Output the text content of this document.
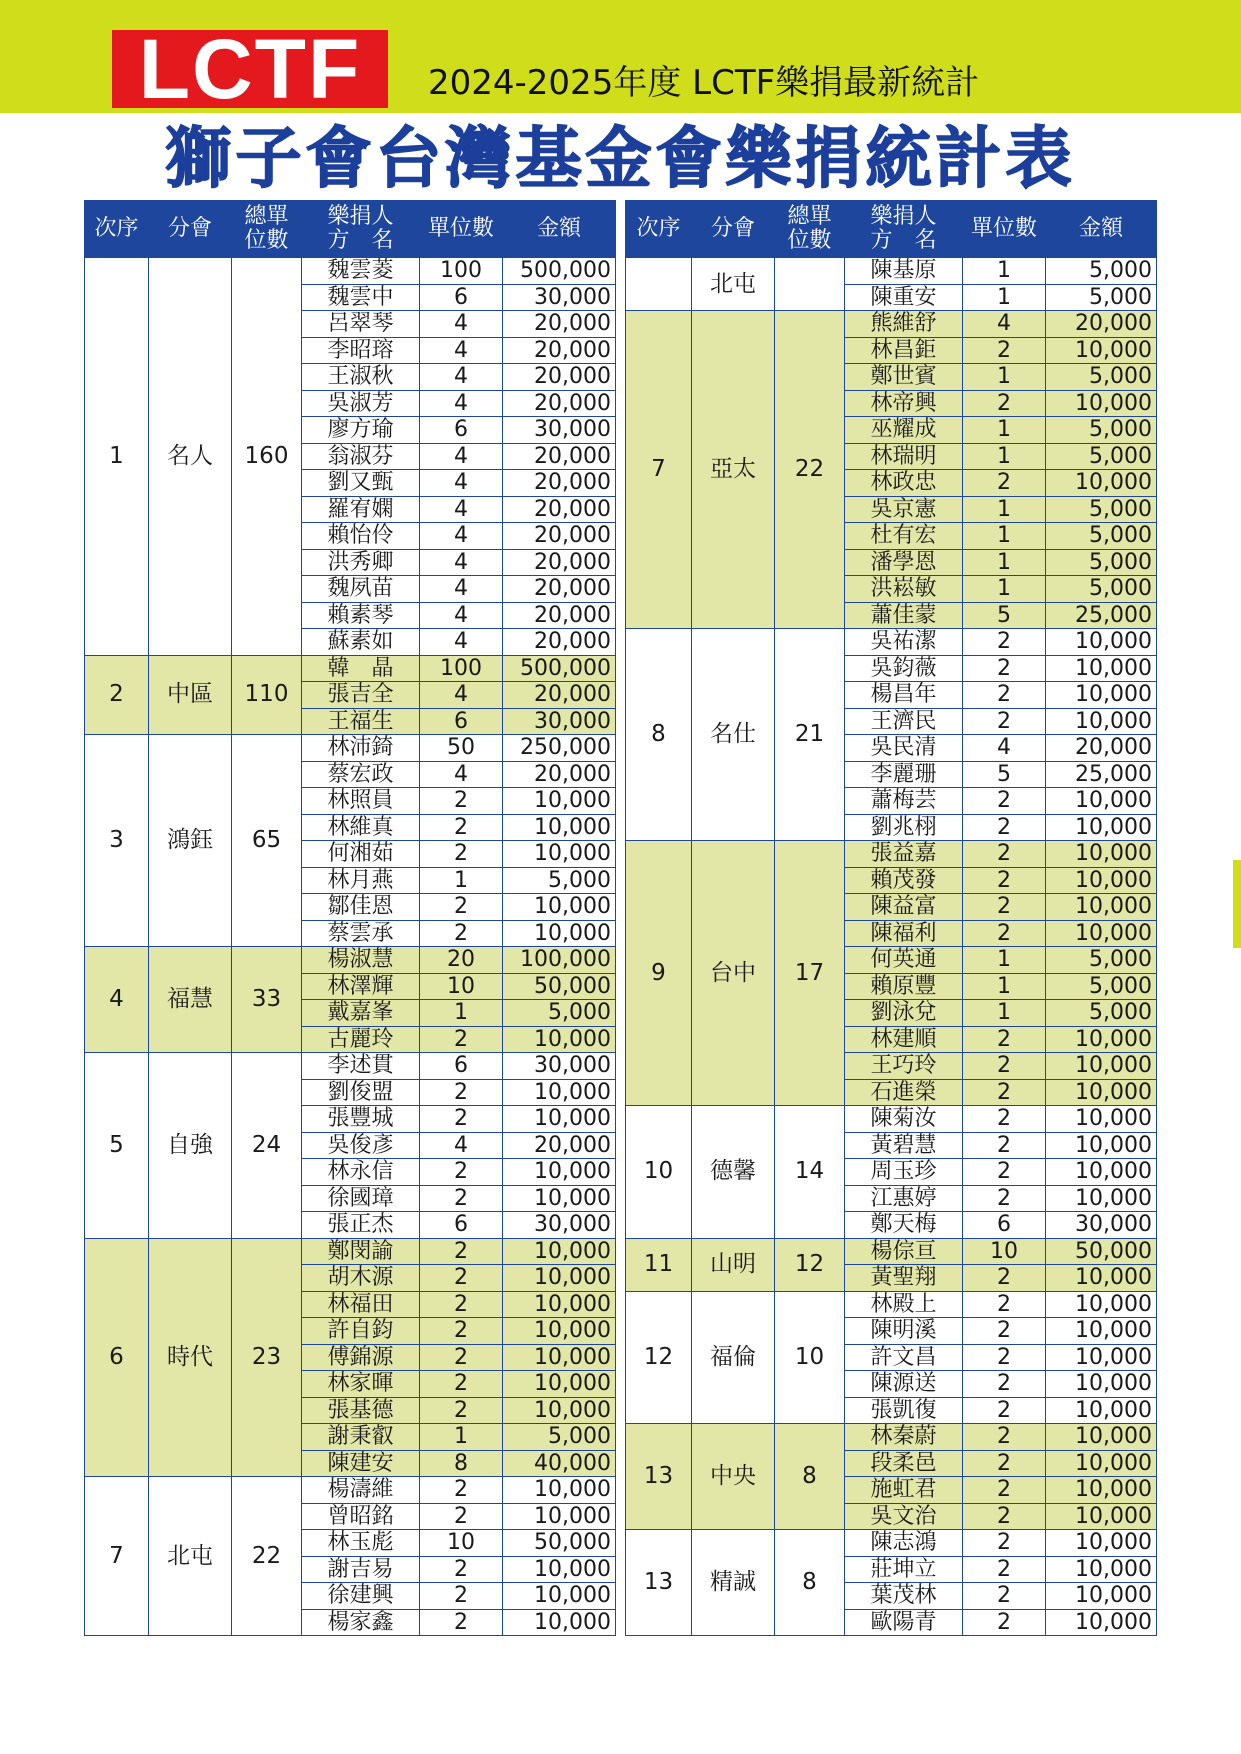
LCTF	2024-2025年度 LCTF樂捐最新統計
獅子會台灣基金會樂捐統計表
次序	分會	總單
位數	樂捐人
方　名	單位數	金額

1	名人	160	魏雲菱	100	500,000
			魏雲中	6	30,000
			呂翠琴	4	20,000
			李昭瑢	4	20,000
			王淑秋	4	20,000
			吳淑芳	4	20,000
			廖方瑜	6	30,000
			翁淑芬	4	20,000
			劉又甄	4	20,000
			羅宥嫻	4	20,000
			賴怡伶	4	20,000
			洪秀卿	4	20,000
			魏夙苗	4	20,000
			賴素琴	4	20,000
			蘇素如	4	20,000
2	中區	110	韓　晶	100	500,000
			張吉全	4	20,000
			王福生	6	30,000
3	鴻鈺	65	林沛錡	50	250,000
			蔡宏政	4	20,000
			林照員	2	10,000
			林維真	2	10,000
			何湘茹	2	10,000
			林月燕	1	5,000
			鄒佳恩	2	10,000
			蔡雲承	2	10,000
4	福慧	33	楊淑慧	20	100,000
			林澤輝	10	50,000
			戴嘉峯	1	5,000
			古麗玲	2	10,000
5	自強	24	李述貫	6	30,000
			劉俊盟	2	10,000
			張豐城	2	10,000
			吳俊彥	4	20,000
			林永信	2	10,000
			徐國璋	2	10,000
			張正杰	6	30,000
6	時代	23	鄭閔諭	2	10,000
			胡木源	2	10,000
			林福田	2	10,000
			許自鈞	2	10,000
			傅錦源	2	10,000
			林家暉	2	10,000
			張基德	2	10,000
			謝秉叡	1	5,000
			陳建安	8	40,000
7	北屯	22	楊濤維	2	10,000
			曾昭銘	2	10,000
			林玉彪	10	50,000
			謝吉易	2	10,000
			徐建興	2	10,000
			楊家鑫	2	10,000
次序	分會	總單
位數	樂捐人
方　名	單位數	金額

	北屯		陳基原	1	5,000
			陳重安	1	5,000
7	亞太	22	熊維舒	4	20,000
			林昌鉅	2	10,000
			鄭世賓	1	5,000
			林帝興	2	10,000
			巫耀成	1	5,000
			林瑞明	1	5,000
			林政忠	2	10,000
			吳京憲	1	5,000
			杜有宏	1	5,000
			潘學恩	1	5,000
			洪崧敏	1	5,000
			蕭佳蒙	5	25,000
8	名仕	21	吳祐潔	2	10,000
			吳鈞薇	2	10,000
			楊昌年	2	10,000
			王濟民	2	10,000
			吳民清	4	20,000
			李麗珊	5	25,000
			蕭梅芸	2	10,000
			劉兆栩	2	10,000
9	台中	17	張益嘉	2	10,000
			賴茂發	2	10,000
			陳益富	2	10,000
			陳福利	2	10,000
			何英通	1	5,000
			賴原豐	1	5,000
			劉泳兌	1	5,000
			林建順	2	10,000
			王巧玲	2	10,000
			石進榮	2	10,000
10	德馨	14	陳菊汝	2	10,000
			黃碧慧	2	10,000
			周玉珍	2	10,000
			江惠婷	2	10,000
			鄭天梅	6	30,000
11	山明	12	楊倧亘	10	50,000
			黃聖翔	2	10,000
12	福倫	10	林殿上	2	10,000
			陳明溪	2	10,000
			許文昌	2	10,000
			陳源送	2	10,000
			張凱復	2	10,000
13	中央	8	林秦蔚	2	10,000
			段柔邑	2	10,000
			施虹君	2	10,000
			吳文治	2	10,000
13	精誠	8	陳志鴻	2	10,000
			莊坤立	2	10,000
			葉茂林	2	10,000
			歐陽青	2	10,000
